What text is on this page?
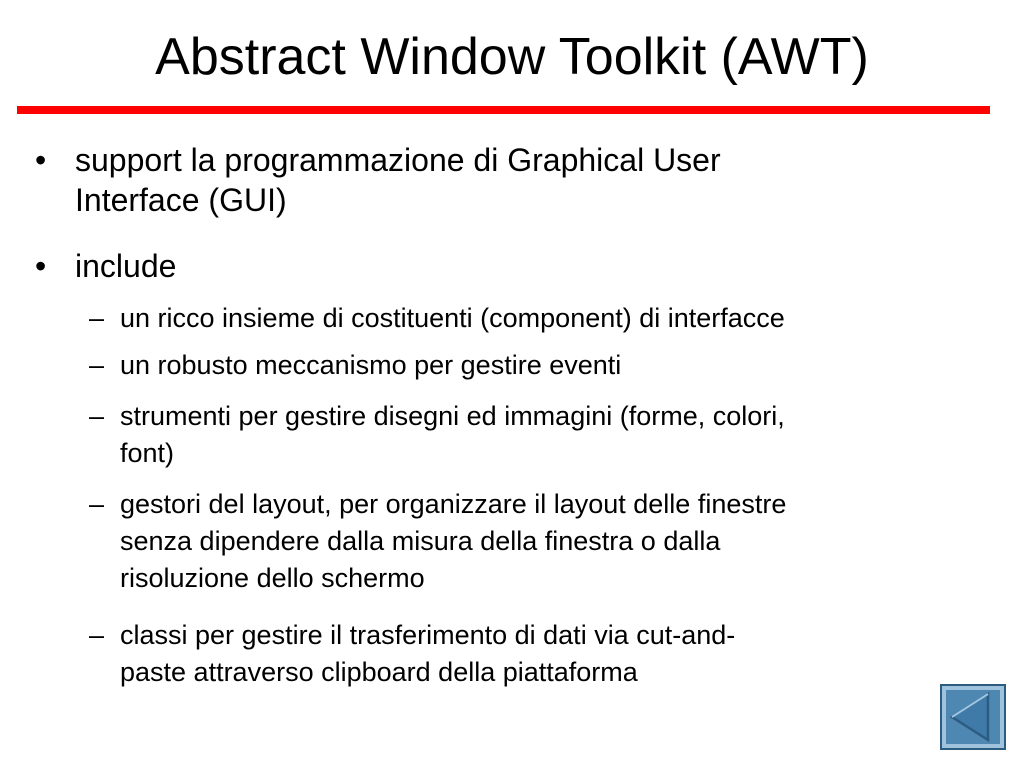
Abstract Window Toolkit (AWT)
• support la programmazione di Graphical User
Interface (GUI)
• include
– un ricco insieme di costituenti (component) di interfacce
– un robusto meccanismo per gestire eventi
– strumenti per gestire disegni ed immagini (forme, colori,
font)
– gestori del layout, per organizzare il layout delle finestre
senza dipendere dalla misura della finestra o dalla
risoluzione dello schermo
– classi per gestire il trasferimento di dati via cut-and-
paste attraverso clipboard della piattaforma
